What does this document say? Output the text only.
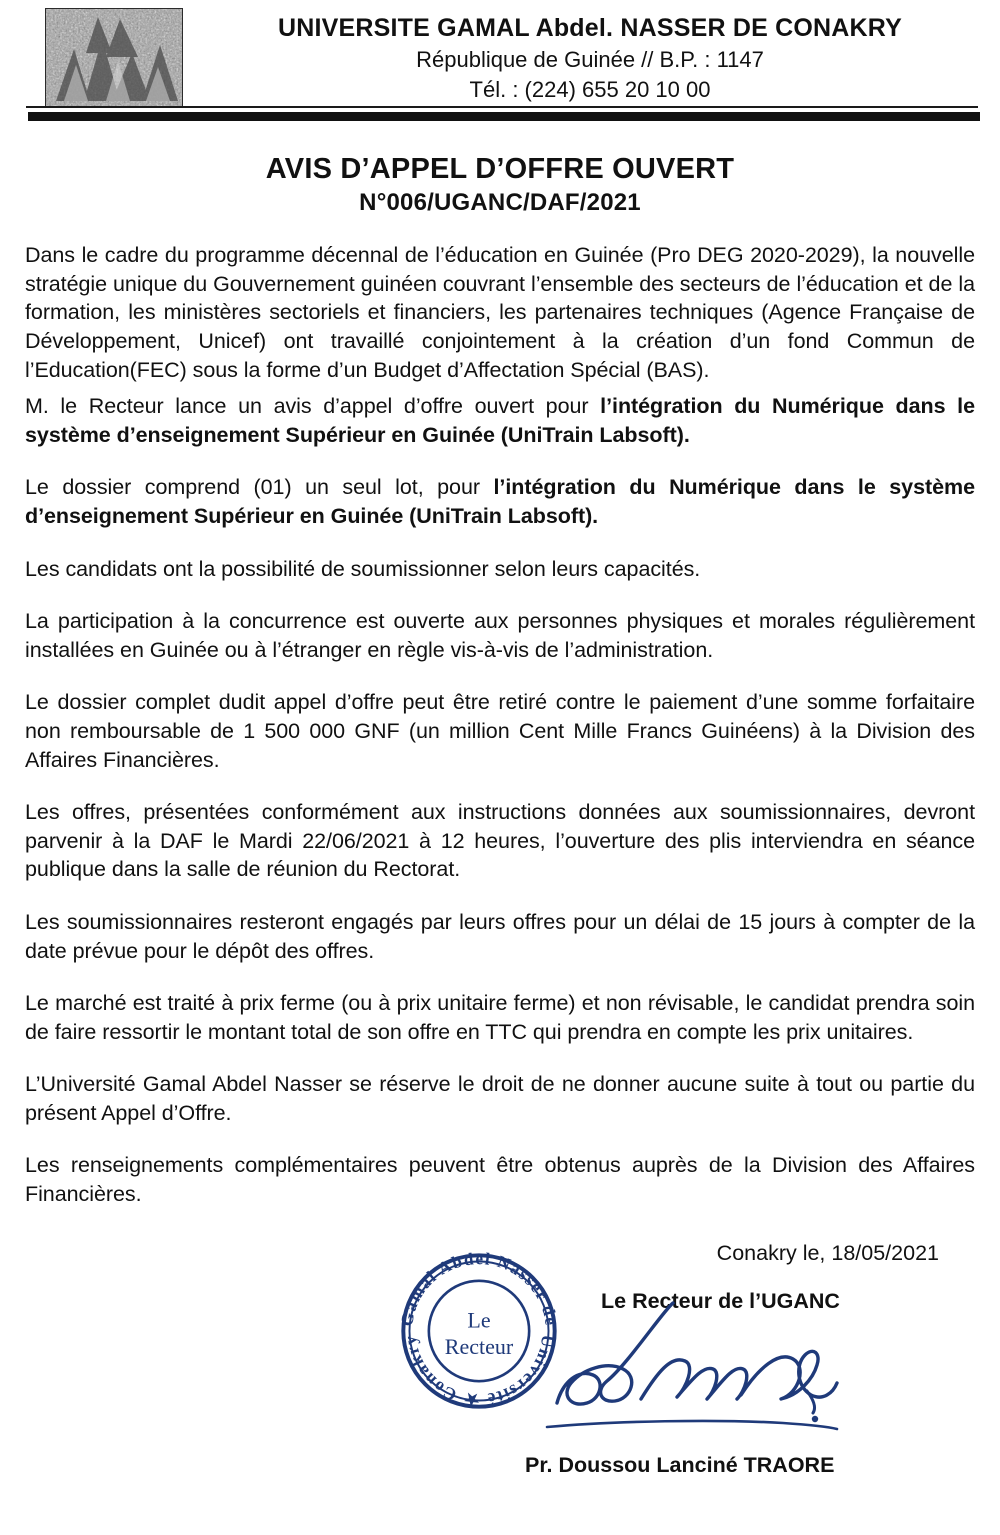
UNIVERSITE GAMAL Abdel. NASSER DE CONAKRY
République de Guinée // B.P. : 1147
Tél. : (224) 655 20 10 00
AVIS D’APPEL D’OFFRE OUVERT
N°006/UGANC/DAF/2021

Dans le cadre du programme décennal de l’éducation en Guinée (Pro DEG 2020-2029), la nouvelle stratégie unique du Gouvernement guinéen couvrant l’ensemble des secteurs de l’éducation et de la formation, les ministères sectoriels et financiers, les partenaires techniques (Agence Française de Développement, Unicef) ont travaillé conjointement à la création d’un fond Commun de l’Education(FEC) sous la forme d’un Budget d’Affectation Spécial (BAS).

M. le Recteur lance un avis d’appel d’offre ouvert pour l’intégration du Numérique dans le système d’enseignement Supérieur en Guinée (UniTrain Labsoft).

Le dossier comprend (01) un seul lot, pour l’intégration du Numérique dans le système d’enseignement Supérieur en Guinée (UniTrain Labsoft).

Les candidats ont la possibilité de soumissionner selon leurs capacités.

La participation à la concurrence est ouverte aux personnes physiques et morales régulièrement installées en Guinée ou à l’étranger en règle vis-à-vis de l’administration.

Le dossier complet dudit appel d’offre peut être retiré contre le paiement d’une somme forfaitaire non remboursable de 1 500 000 GNF (un million Cent Mille Francs Guinéens) à la Division des Affaires Financières.

Les offres, présentées conformément aux instructions données aux soumissionnaires, devront parvenir à la DAF le Mardi 22/06/2021 à 12 heures, l’ouverture des plis interviendra en séance publique dans la salle de réunion du Rectorat.

Les soumissionnaires resteront engagés par leurs offres pour un délai de 15 jours à compter de la date prévue pour le dépôt des offres.

Le marché est traité à prix ferme (ou à prix unitaire ferme) et non révisable, le candidat prendra soin de faire ressortir le montant total de son offre en TTC qui prendra en compte les prix unitaires.

L’Université Gamal Abdel Nasser se réserve le droit de ne donner aucune suite à tout ou partie du présent Appel d’Offre.

Les renseignements complémentaires peuvent être obtenus auprès de la Division des Affaires Financières.

Conakry le, 18/05/2021
Le Recteur de l’UGANC
Gamal Abdel Nasser de
Université ★ Conakry
Le
Recteur
Pr. Doussou Lanciné TRAORE
